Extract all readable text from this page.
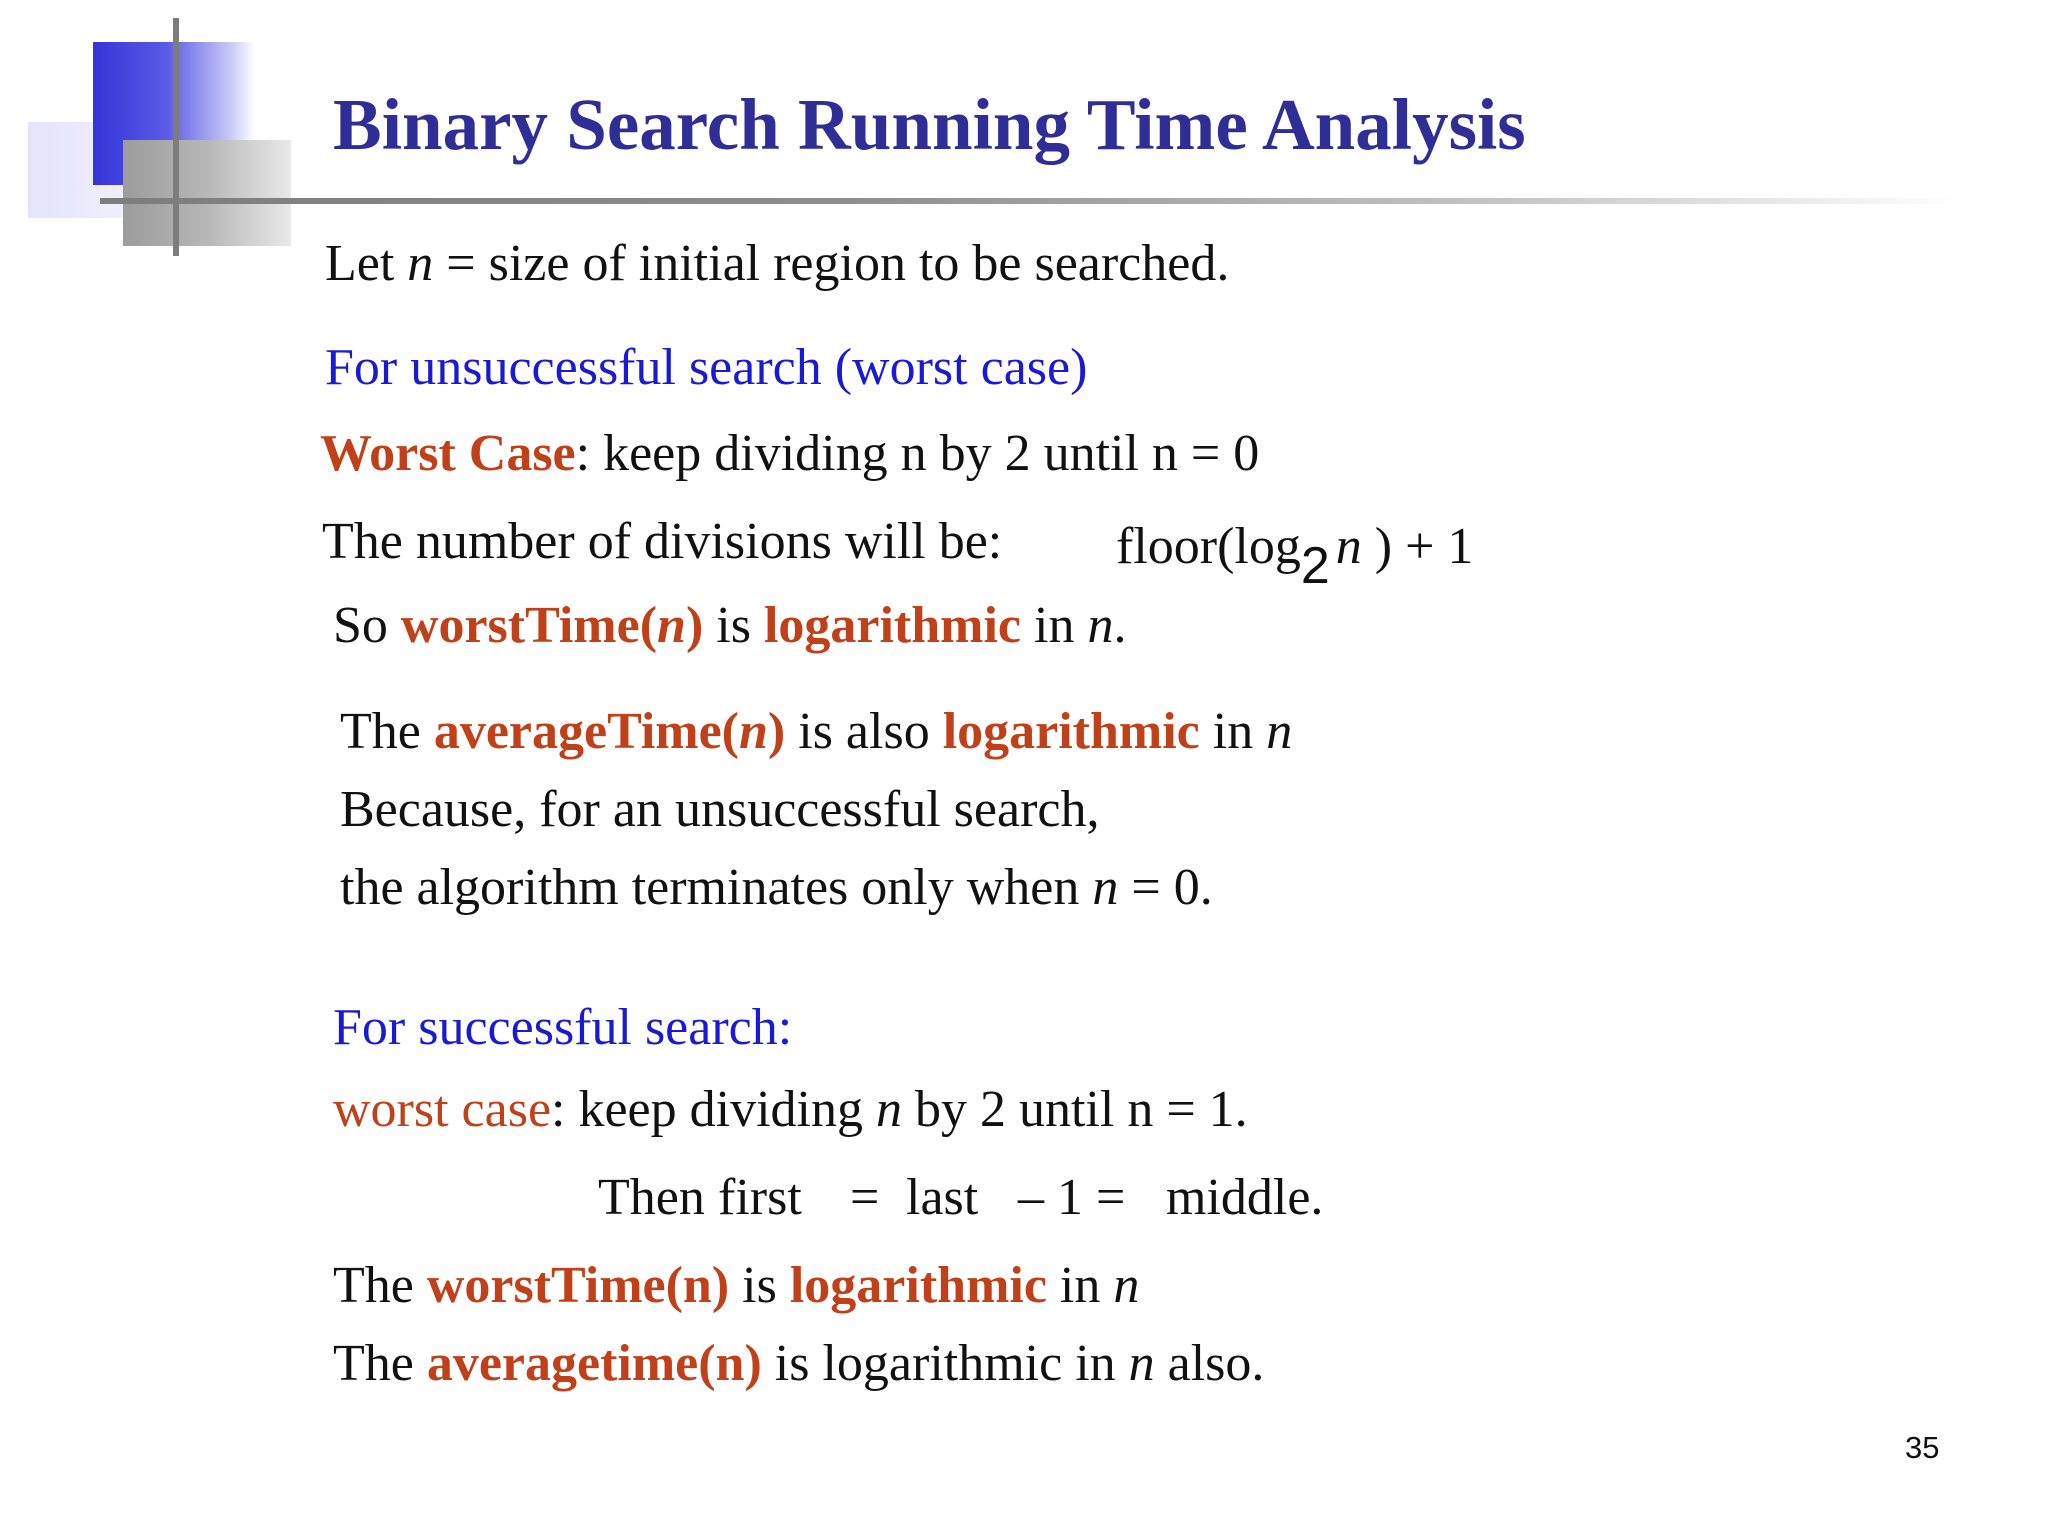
Binary Search Running Time Analysis
Let n = size of initial region to be searched.
For unsuccessful search (worst case)
Worst Case: keep dividing n by 2 until n = 0
The number of divisions will be: floor(log2 n ) + 1
So worstTime(n) is logarithmic in n.
The averageTime(n) is also logarithmic in n
Because, for an unsuccessful search,
the algorithm terminates only when n = 0.
For successful search:
worst case: keep dividing n by 2 until n = 1.
Then first = last – 1 = middle.
The worstTime(n) is logarithmic in n
The averagetime(n) is logarithmic in n also.
35
